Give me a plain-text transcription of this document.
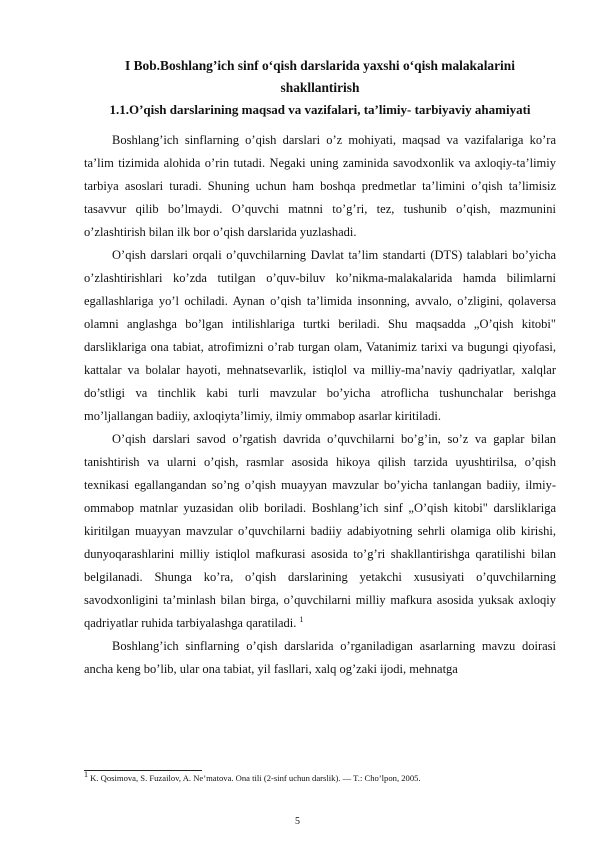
I Bob.Boshlang’ich sinf o‘qish darslarida yaxshi o‘qish malakalarini shakllantirish
1.1.O’qish darslarining maqsad va vazifalari, ta’limiy- tarbiyaviy ahamiyati

Boshlang’ich sinflarning o’qish darslari o’z mohiyati, maqsad va vazifalariga ko’ra ta’lim tizimida alohida o’rin tutadi. Negaki uning zaminida savodxonlik va axloqiy-ta’limiy tarbiya asoslari turadi. Shuning uchun ham boshqa predmetlar ta’limini o’qish ta’limisiz tasavvur qilib bo’lmaydi. O’quvchi matnni to’g’ri, tez, tushunib o’qish, mazmunini o’zlashtirish bilan ilk bor o’qish darslarida yuzlashadi.

O’qish darslari orqali o’quvchilarning Davlat ta’lim standarti (DTS) talablari bo’yicha o’zlashtirishlari ko’zda tutilgan o’quv-biluv ko’nikma-malakalarida hamda bilimlarni egallashlariga yo’l ochiladi. Aynan o’qish ta’limida insonning, avvalo, o’zligini, qolaversa olamni anglashga bo’lgan intilishlariga turtki beriladi. Shu maqsadda „O’qish kitobi" darsliklariga ona tabiat, atrofimizni o’rab turgan olam, Vatanimiz tarixi va bugungi qiyofasi, kattalar va bolalar hayoti, mehnatsevarlik, istiqlol va milliy-ma’naviy qadriyatlar, xalqlar do’stligi va tinchlik kabi turli mavzular bo’yicha atroflicha tushunchalar berishga mo’ljallangan badiiy, axloqiyta’limiy, ilmiy ommabop asarlar kiritiladi.

O’qish darslari savod o’rgatish davrida o’quvchilarni bo’g’in, so’z va gaplar bilan tanishtirish va ularni o’qish, rasmlar asosida hikoya qilish tarzida uyushtirilsa, o’qish texnikasi egallangandan so’ng o’qish muayyan mavzular bo’yicha tanlangan badiiy, ilmiy-ommabop matnlar yuzasidan olib boriladi. Boshlang’ich sinf „O’qish kitobi" darsliklariga kiritilgan muayyan mavzular o’quvchilarni badiiy adabiyotning sehrli olamiga olib kirishi, dunyoqarashlarini milliy istiqlol mafkurasi asosida to’g’ri shakllantirishga qaratilishi bilan belgilanadi. Shunga ko’ra, o’qish darslarining yetakchi xususiyati o’quvchilarning savodxonligini ta’minlash bilan birga, o’quvchilarni milliy mafkura asosida yuksak axloqiy qadriyatlar ruhida tarbiyalashga qaratiladi. $^1$

Boshlang’ich sinflarning o’qish darslarida o’rganiladigan asarlarning mavzu doirasi ancha keng bo’lib, ular ona tabiat, yil fasllari, xalq og’zaki ijodi, mehnatga

$^1$ K. Qosimova, S. Fuzailov, A. Ne’matova. Ona tili (2-sinf uchun darslik). — T.: Cho’lpon, 2005.
5
